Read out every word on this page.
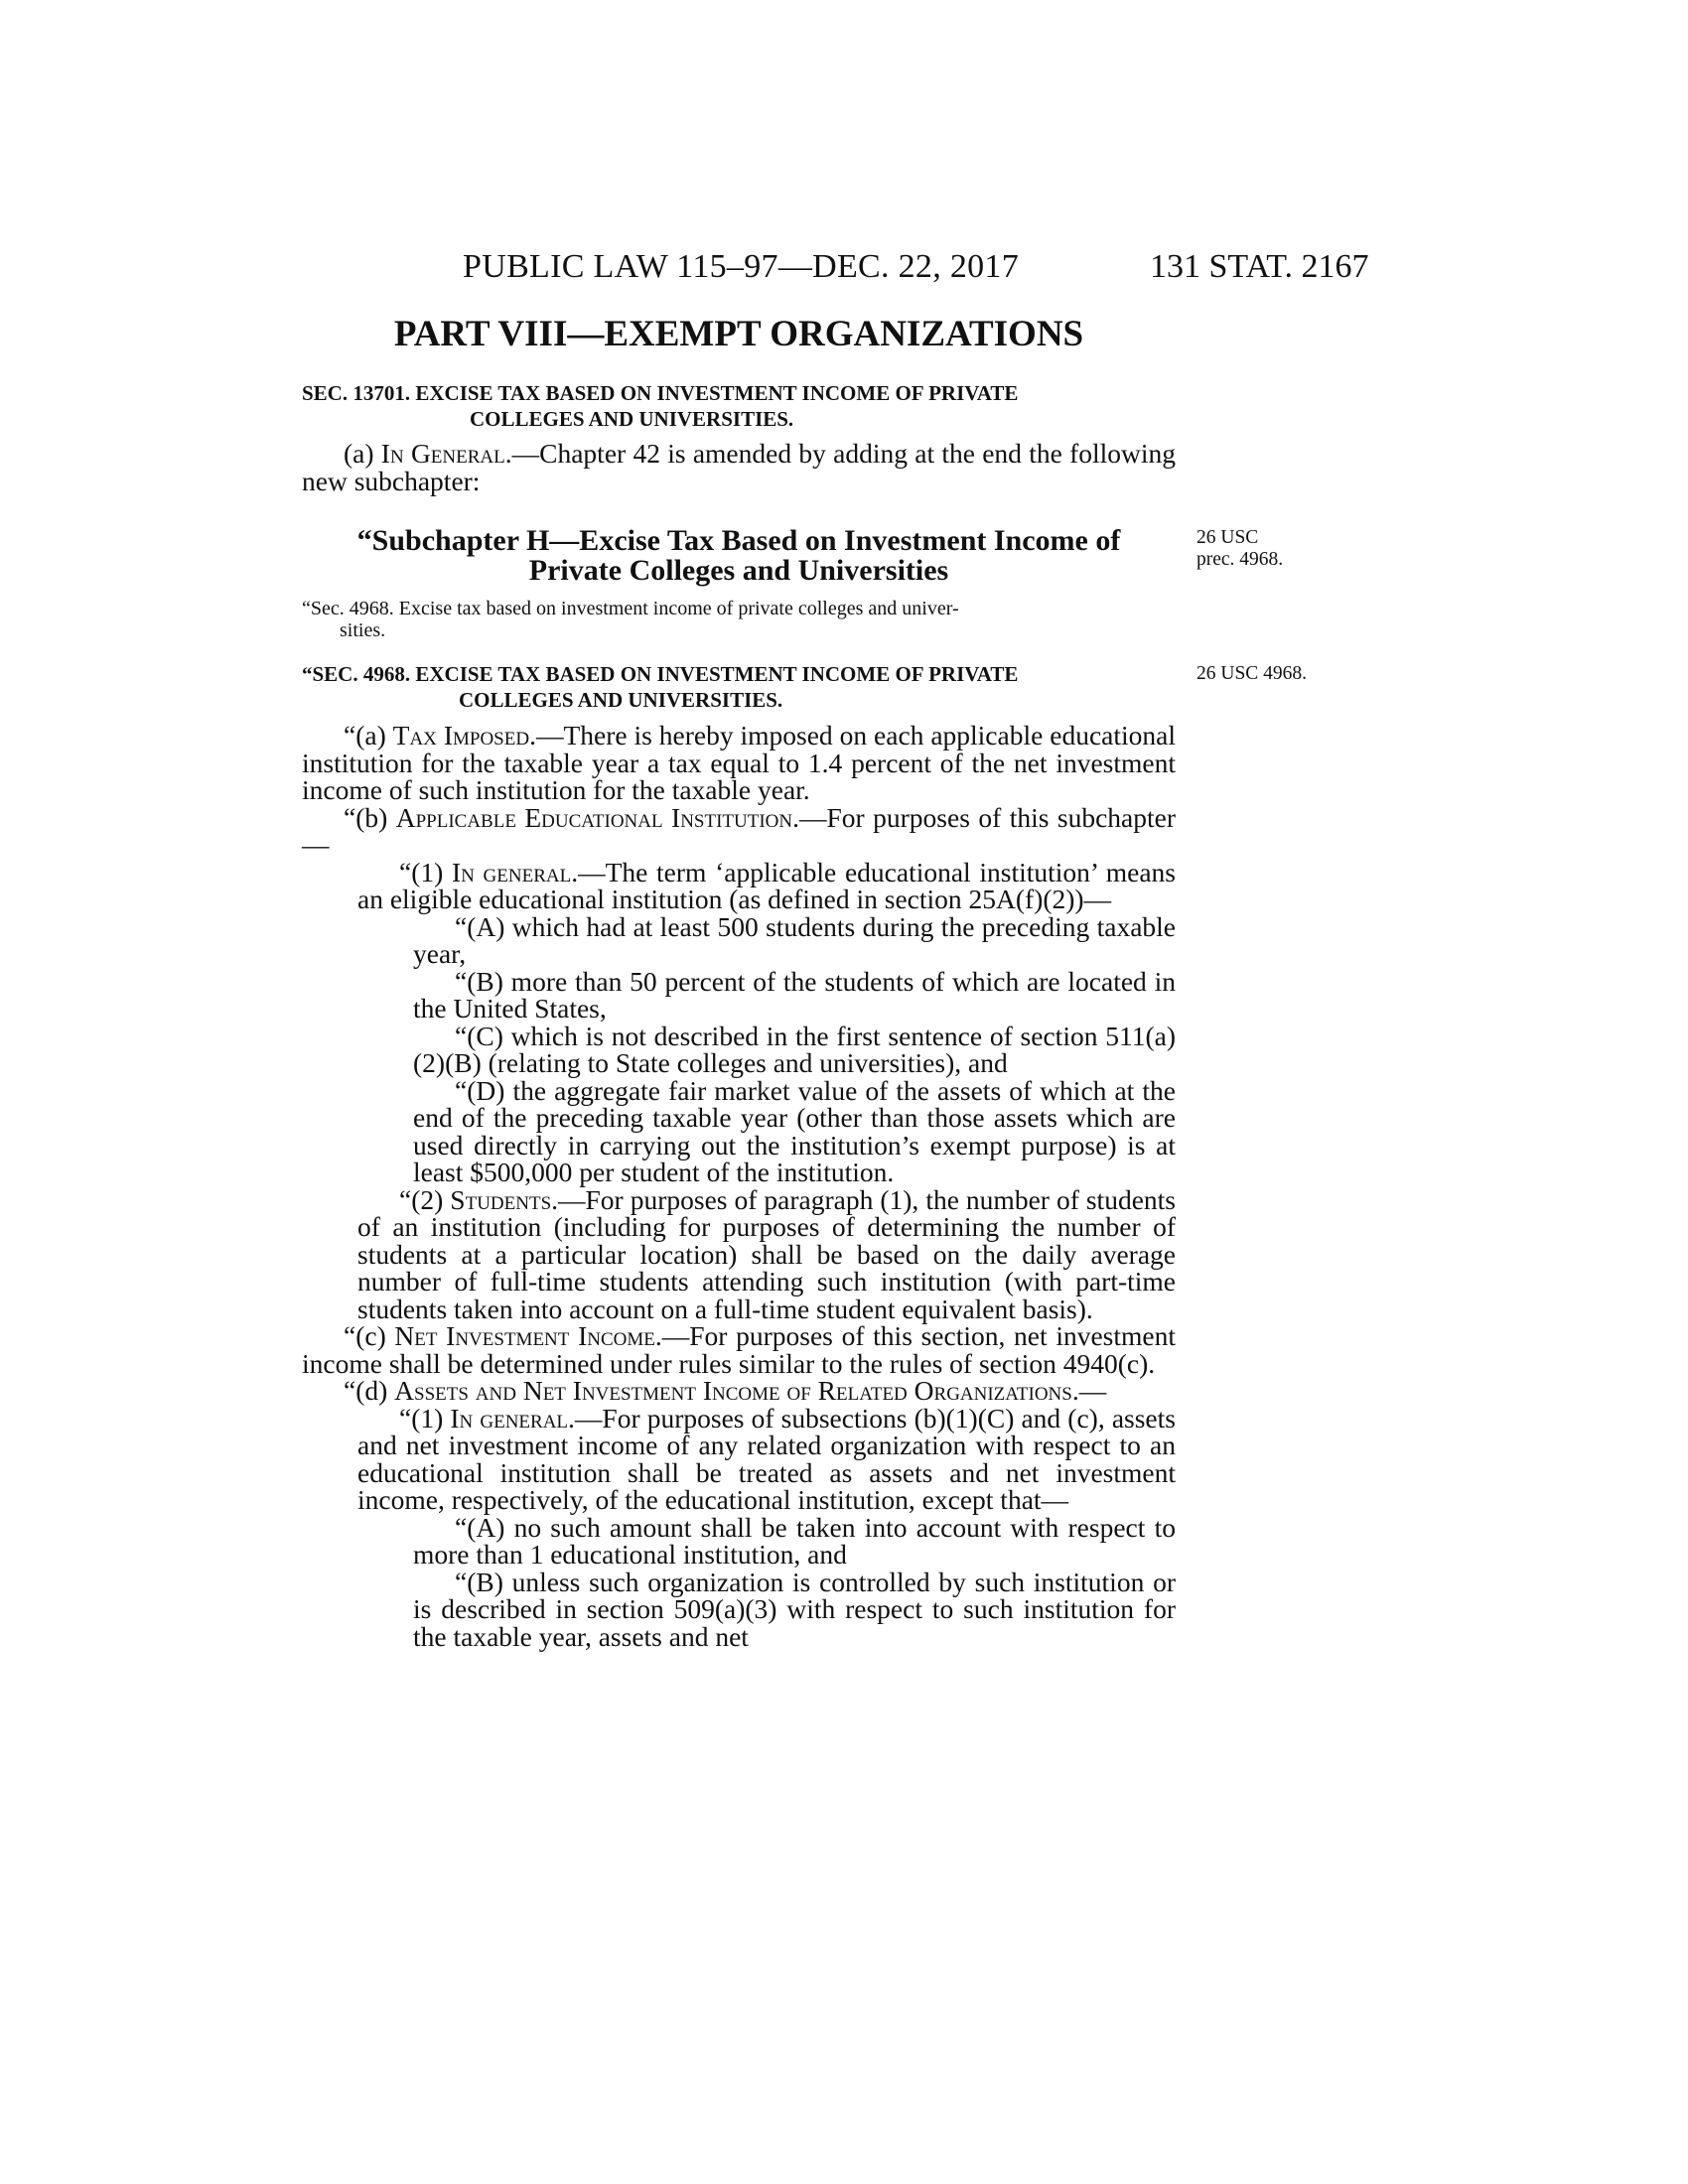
PUBLIC LAW 115–97—DEC. 22, 2017	131 STAT. 2167
PART VIII—EXEMPT ORGANIZATIONS
SEC. 13701. EXCISE TAX BASED ON INVESTMENT INCOME OF PRIVATE
COLLEGES AND UNIVERSITIES.

(a) In General.—Chapter 42 is amended by adding at the end the following new subchapter:

“Subchapter H—Excise Tax Based on Investment Income of
Private Colleges and Universities
26 USC
prec. 4968.
“Sec. 4968. Excise tax based on investment income of private colleges and univer-
sities.
“SEC. 4968. EXCISE TAX BASED ON INVESTMENT INCOME OF PRIVATE
COLLEGES AND UNIVERSITIES.
26 USC 4968.

“(a) Tax Imposed.—There is hereby imposed on each applicable educational institution for the taxable year a tax equal to 1.4 percent of the net investment income of such institution for the taxable year.

“(b) Applicable Educational Institution.—For purposes of this subchapter—

“(1) In general.—The term ‘applicable educational institution’ means an eligible educational institution (as defined in section 25A(f)(2))—

“(A) which had at least 500 students during the preceding taxable year,

“(B) more than 50 percent of the students of which are located in the United States,

“(C) which is not described in the first sentence of section 511(a)(2)(B) (relating to State colleges and universities), and

“(D) the aggregate fair market value of the assets of which at the end of the preceding taxable year (other than those assets which are used directly in carrying out the institution’s exempt purpose) is at least $500,000 per student of the institution.

“(2) Students.—For purposes of paragraph (1), the number of students of an institution (including for purposes of determining the number of students at a particular location) shall be based on the daily average number of full-time students attending such institution (with part-time students taken into account on a full-time student equivalent basis).

“(c) Net Investment Income.—For purposes of this section, net investment income shall be determined under rules similar to the rules of section 4940(c).

“(d) Assets and Net Investment Income of Related Organizations.—

“(1) In general.—For purposes of subsections (b)(1)(C) and (c), assets and net investment income of any related organization with respect to an educational institution shall be treated as assets and net investment income, respectively, of the educational institution, except that—

“(A) no such amount shall be taken into account with respect to more than 1 educational institution, and

“(B) unless such organization is controlled by such institution or is described in section 509(a)(3) with respect to such institution for the taxable year, assets and net
